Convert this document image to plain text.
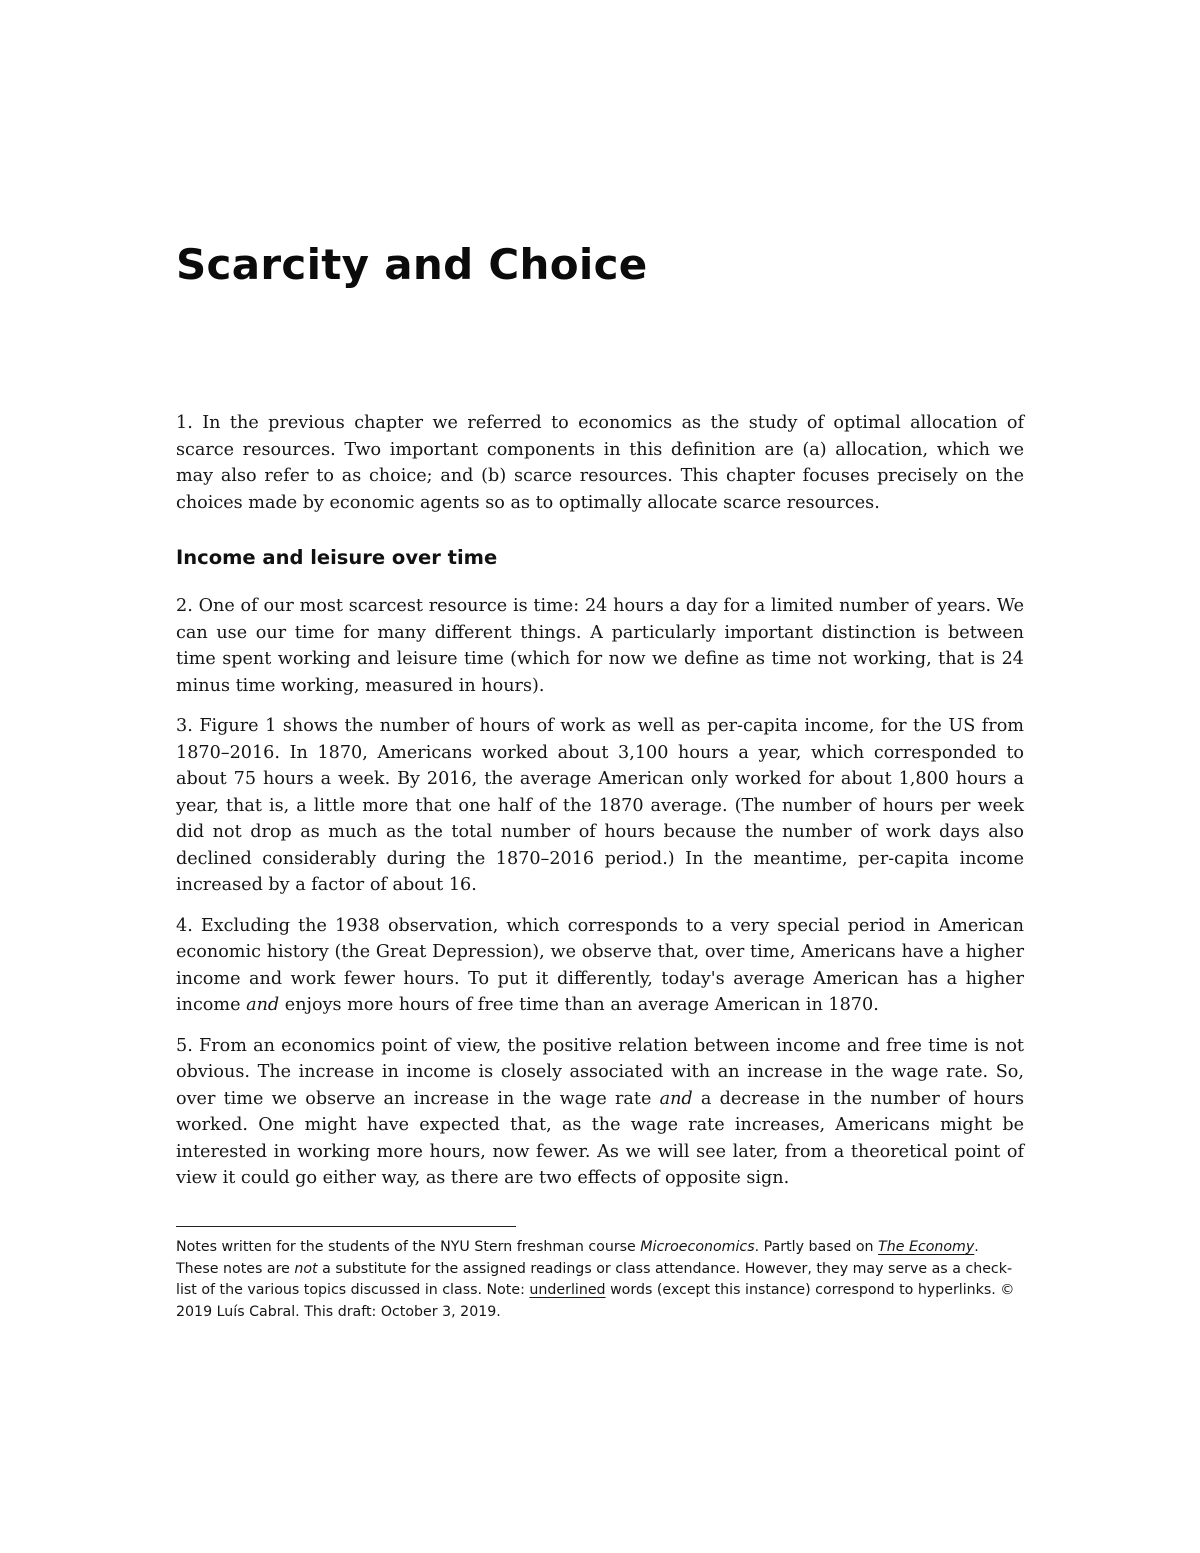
Scarcity and Choice

1. In the previous chapter we referred to economics as the study of optimal allocation of scarce resources. Two important components in this definition are (a) allocation, which we may also refer to as choice; and (b) scarce resources. This chapter focuses precisely on the choices made by economic agents so as to optimally allocate scarce resources.

Income and leisure over time

2. One of our most scarcest resource is time: 24 hours a day for a limited number of years. We can use our time for many different things. A particularly important distinction is between time spent working and leisure time (which for now we define as time not working, that is 24 minus time working, measured in hours).

3. Figure 1 shows the number of hours of work as well as per-capita income, for the US from 1870–2016. In 1870, Americans worked about 3,100 hours a year, which corresponded to about 75 hours a week. By 2016, the average American only worked for about 1,800 hours a year, that is, a little more that one half of the 1870 average. (The number of hours per week did not drop as much as the total number of hours because the number of work days also declined considerably during the 1870–2016 period.) In the meantime, per-capita income increased by a factor of about 16.

4. Excluding the 1938 observation, which corresponds to a very special period in American economic history (the Great Depression), we observe that, over time, Americans have a higher income and work fewer hours. To put it differently, today's average American has a higher income and enjoys more hours of free time than an average American in 1870.

5. From an economics point of view, the positive relation between income and free time is not obvious. The increase in income is closely associated with an increase in the wage rate. So, over time we observe an increase in the wage rate and a decrease in the number of hours worked. One might have expected that, as the wage rate increases, Americans might be interested in working more hours, now fewer. As we will see later, from a theoretical point of view it could go either way, as there are two effects of opposite sign.

Notes written for the students of the NYU Stern freshman course Microeconomics. Partly based on The Economy. These notes are not a substitute for the assigned readings or class attendance. However, they may serve as a check-list of the various topics discussed in class. Note: underlined words (except this instance) correspond to hyperlinks. © 2019 Luís Cabral. This draft: October 3, 2019.
